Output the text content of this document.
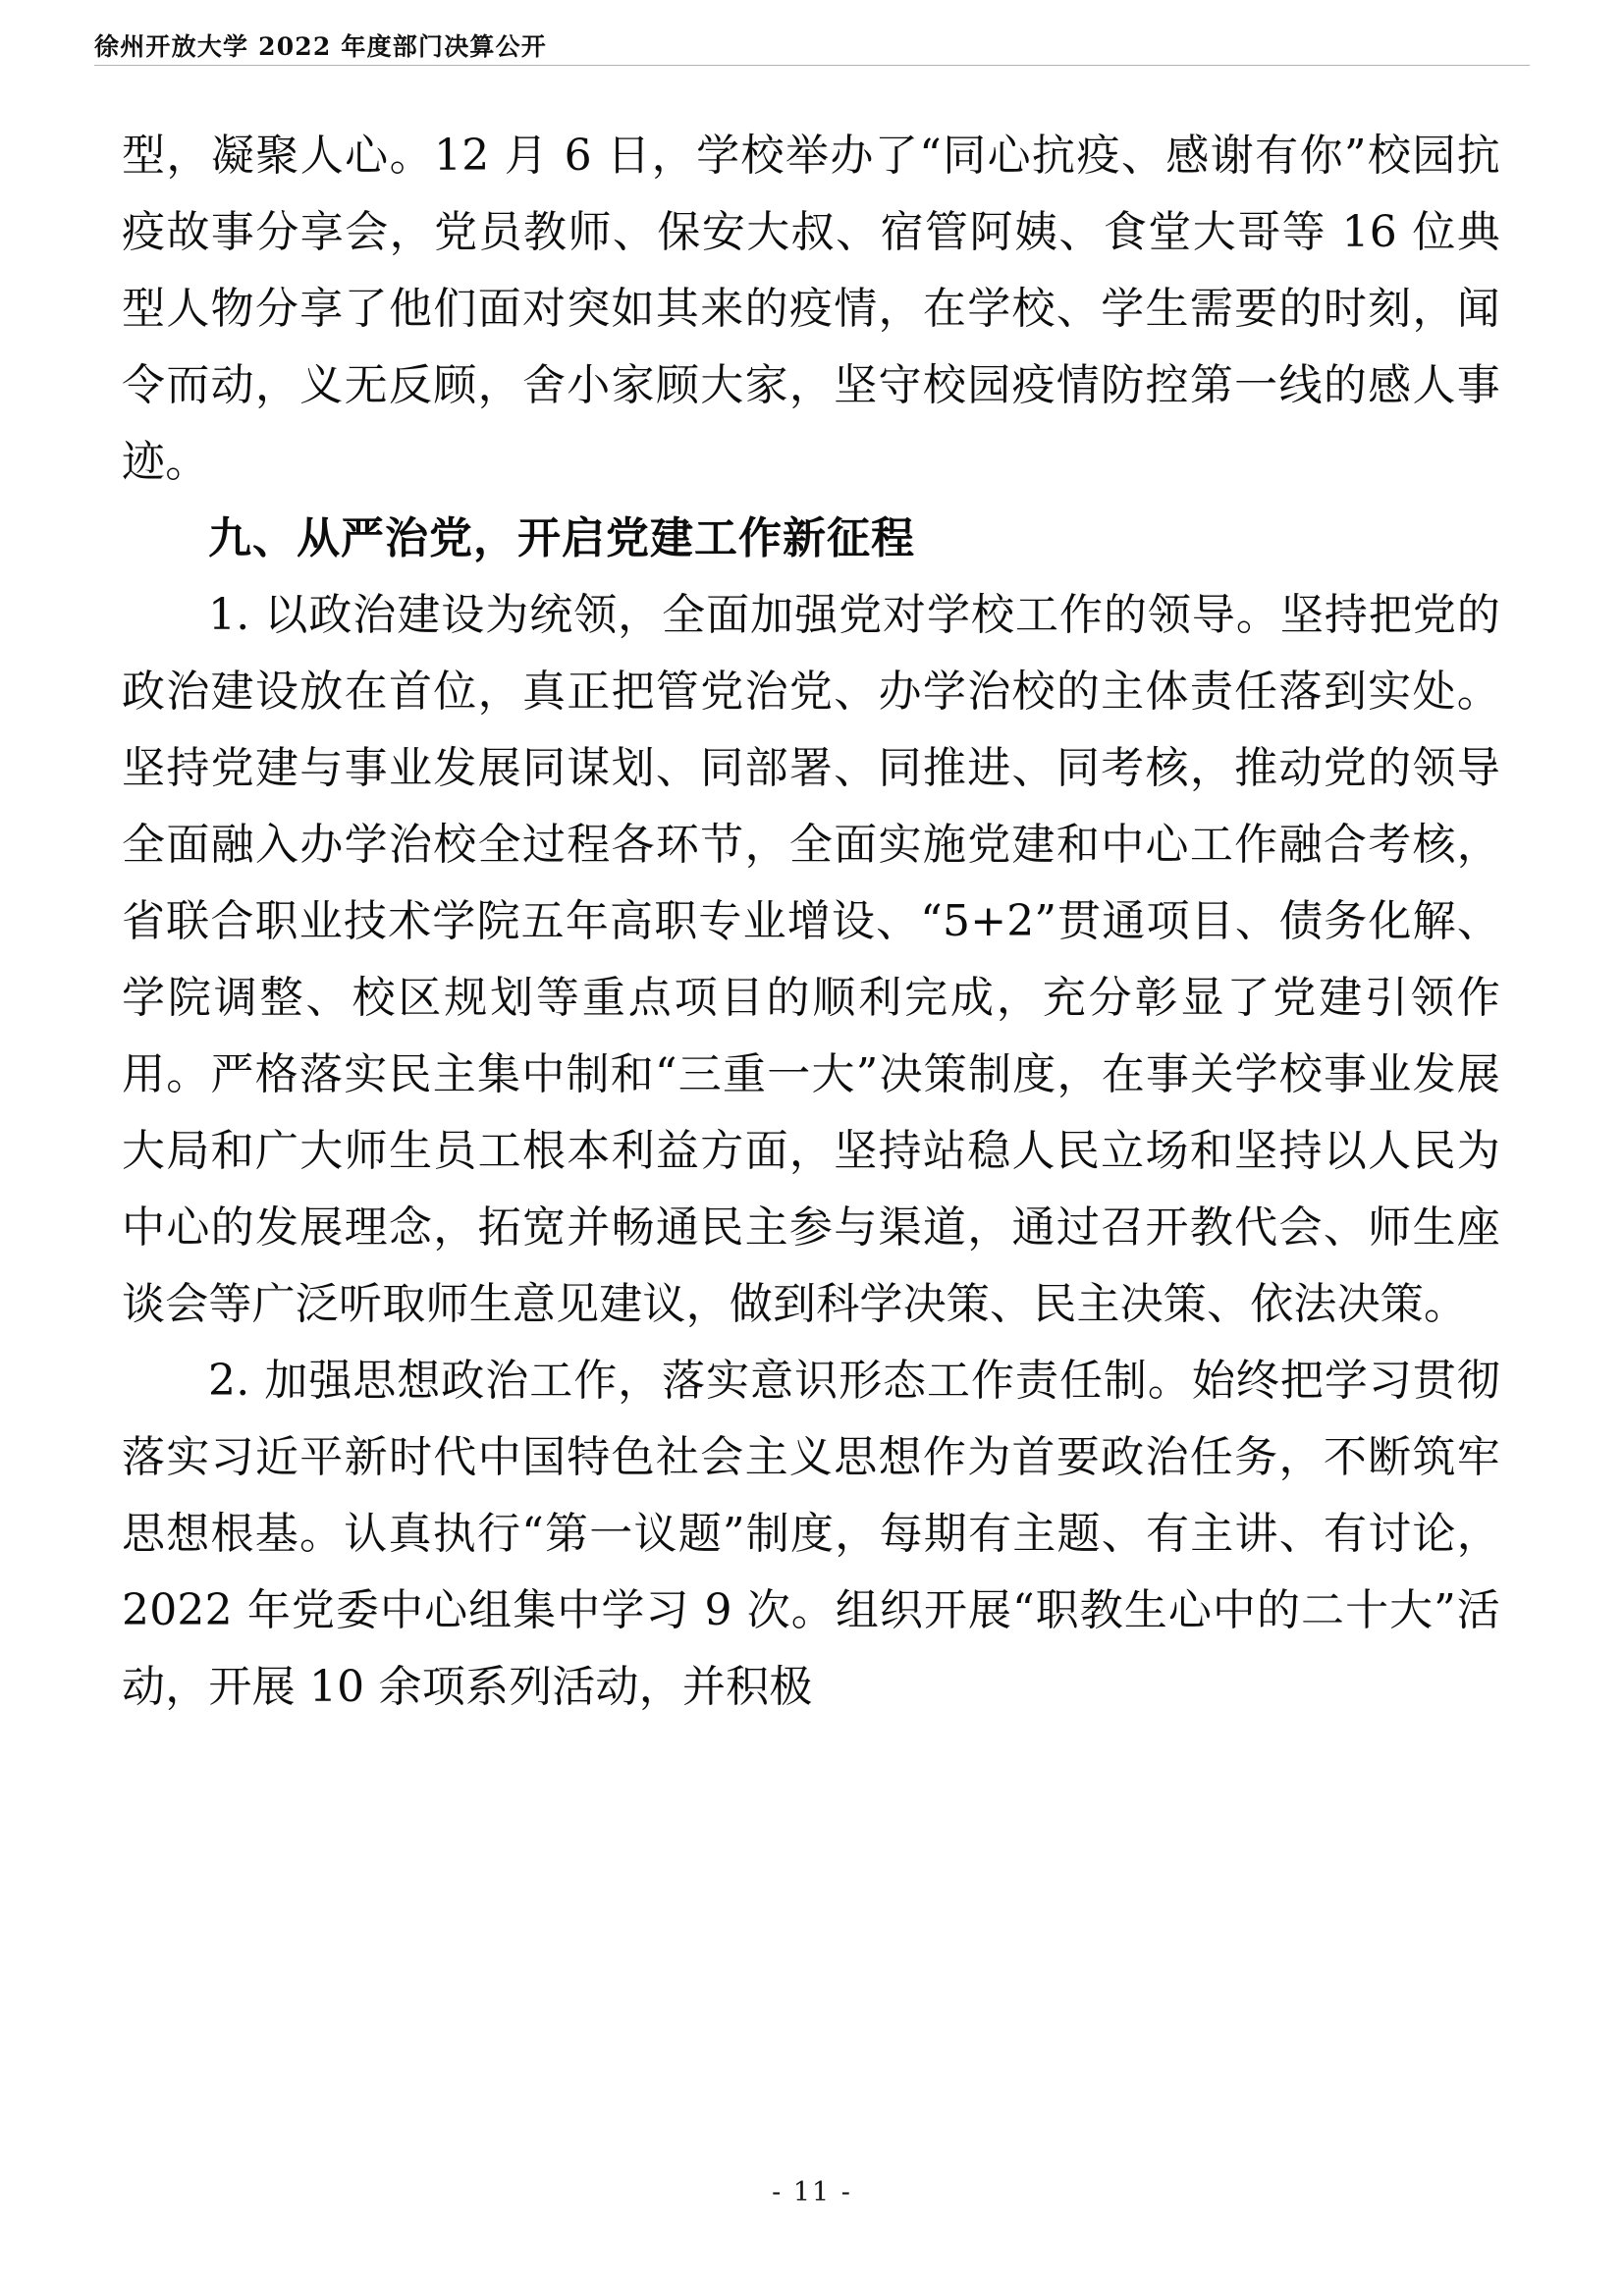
徐州开放大学 2022 年度部门决算公开

型，凝聚人心。12 月 6 日，学校举办了“同心抗疫、感谢有你”校园抗疫故事分享会，党员教师、保安大叔、宿管阿姨、食堂大哥等 16 位典型人物分享了他们面对突如其来的疫情，在学校、学生需要的时刻，闻令而动，义无反顾，舍小家顾大家，坚守校园疫情防控第一线的感人事迹。

九、从严治党，开启党建工作新征程

1. 以政治建设为统领，全面加强党对学校工作的领导。坚持把党的政治建设放在首位，真正把管党治党、办学治校的主体责任落到实处。坚持党建与事业发展同谋划、同部署、同推进、同考核，推动党的领导全面融入办学治校全过程各环节，全面实施党建和中心工作融合考核，省联合职业技术学院五年高职专业增设、“5+2”贯通项目、债务化解、学院调整、校区规划等重点项目的顺利完成，充分彰显了党建引领作用。严格落实民主集中制和“三重一大”决策制度，在事关学校事业发展大局和广大师生员工根本利益方面，坚持站稳人民立场和坚持以人民为中心的发展理念，拓宽并畅通民主参与渠道，通过召开教代会、师生座谈会等广泛听取师生意见建议，做到科学决策、民主决策、依法决策。

2. 加强思想政治工作，落实意识形态工作责任制。始终把学习贯彻落实习近平新时代中国特色社会主义思想作为首要政治任务，不断筑牢思想根基。认真执行“第一议题”制度，每期有主题、有主讲、有讨论，2022 年党委中心组集中学习 9 次。组织开展“职教生心中的二十大”活动，开展 10 余项系列活动，并积极

- 11 -
